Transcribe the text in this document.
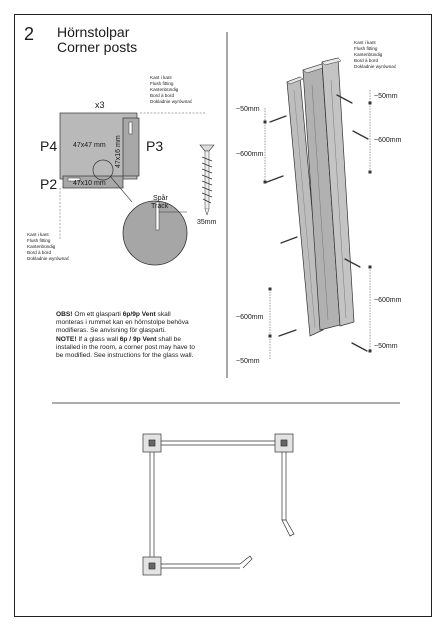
2 Hörnstolpar
Corner posts
x3
P4	P3
P2
47x47 mm 47x16 mm
47x10 mm
Spår
Track
35mm
Kant i kant
Flush fitting
Kantenbündig
Bord à bord
Dokladnie wyrównać
Kant i kant
Flush fitting
Kantenbündig
Bord à bord
Dokladnie wyrównać
Kant i kant
Flush fitting
Kantenbündig
Bord à bord
Dokladnie wyrównać
~50mm
~600mm
~50mm
~600mm
~600mm
~600mm
~50mm
~50mm
OBS! Om ett glasparti 6p/9p Vent skall monteras i rummet kan en hörnstolpe behöva modifieras. Se anvisning för glasparti.
NOTE! If a glass wall 6p / 9p Vent shall be installed in the room, a corner post may have to be modified. See instructions for the glass wall.
